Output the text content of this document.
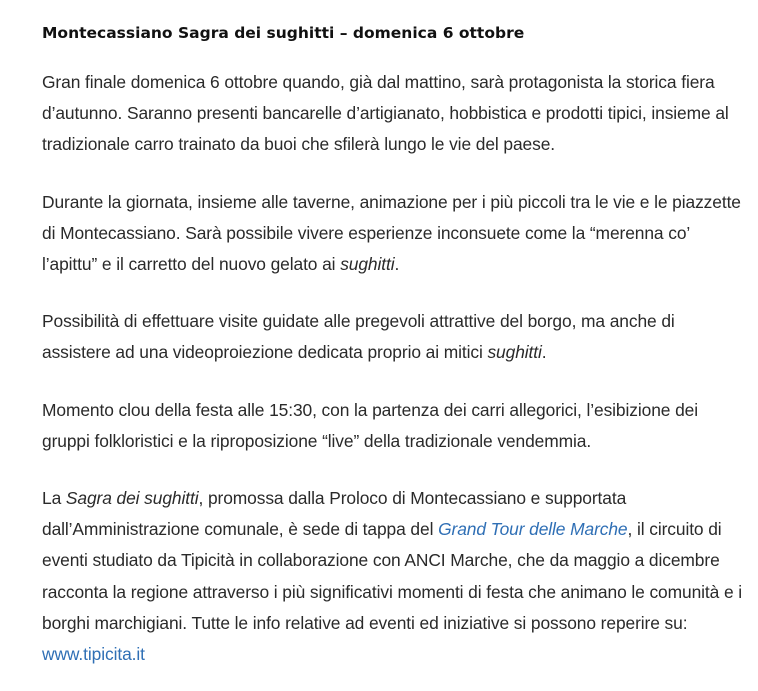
Montecassiano Sagra dei sughitti – domenica 6 ottobre

Gran finale domenica 6 ottobre quando, già dal mattino, sarà protagonista la storica fiera d’autunno. Saranno presenti bancarelle d’artigianato, hobbistica e prodotti tipici, insieme al tradizionale carro trainato da buoi che sfilerà lungo le vie del paese.

Durante la giornata, insieme alle taverne, animazione per i più piccoli tra le vie e le piazzette di Montecassiano. Sarà possibile vivere esperienze inconsuete come la “merenna co’ l’apittu” e il carretto del nuovo gelato ai sughitti.

Possibilità di effettuare visite guidate alle pregevoli attrattive del borgo, ma anche di assistere ad una videoproiezione dedicata proprio ai mitici sughitti.

Momento clou della festa alle 15:30, con la partenza dei carri allegorici, l’esibizione dei gruppi folkloristici e la riproposizione “live” della tradizionale vendemmia.

La Sagra dei sughitti, promossa dalla Proloco di Montecassiano e supportata dall’Amministrazione comunale, è sede di tappa del Grand Tour delle Marche, il circuito di eventi studiato da Tipicità in collaborazione con ANCI Marche, che da maggio a dicembre racconta la regione attraverso i più significativi momenti di festa che animano le comunità e i borghi marchigiani. Tutte le info relative ad eventi ed iniziative si possono reperire su: www.tipicita.it
